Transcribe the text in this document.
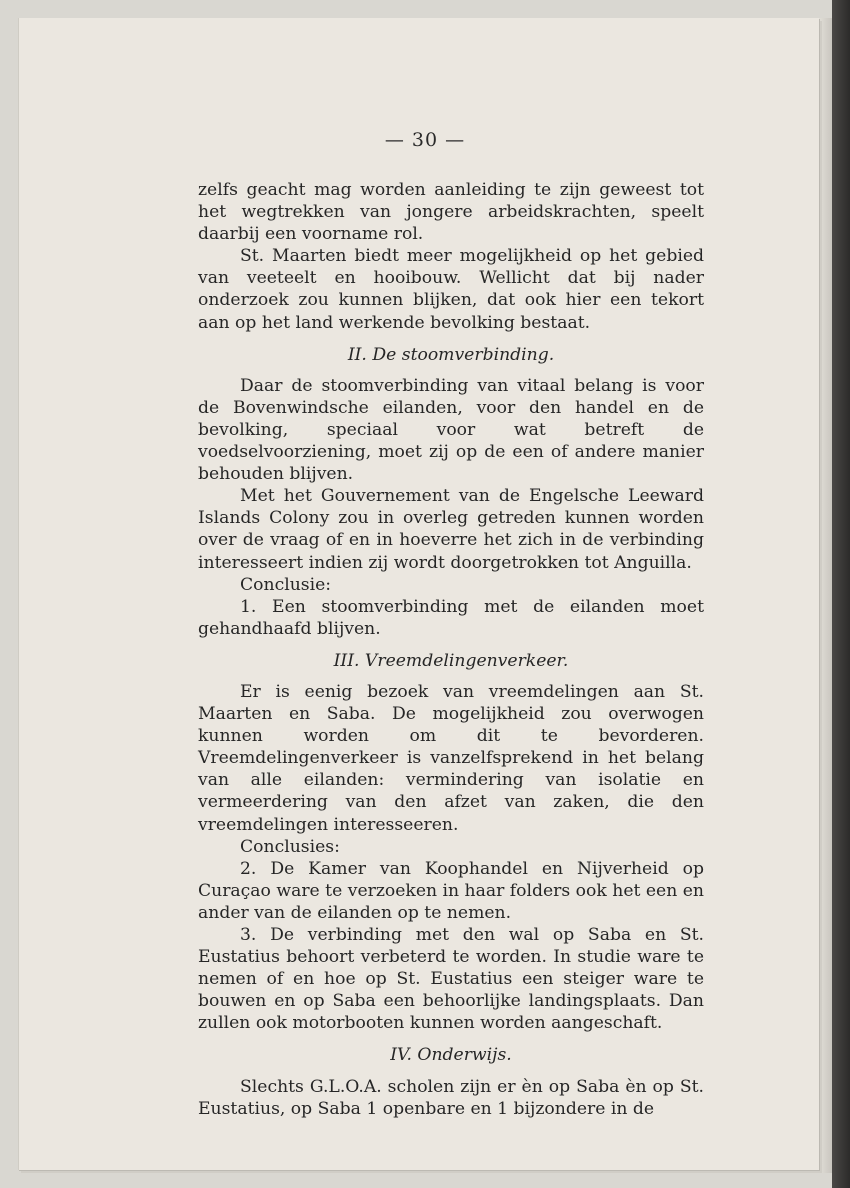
— 30 —

zelfs geacht mag worden aanleiding te zijn geweest tot het wegtrekken van jongere arbeidskrachten, speelt daarbij een voorname rol.

St. Maarten biedt meer mogelijkheid op het gebied van veeteelt en hooibouw. Wellicht dat bij nader onderzoek zou kunnen blijken, dat ook hier een tekort aan op het land werkende bevolking bestaat.

II. De stoomverbinding.

Daar de stoomverbinding van vitaal belang is voor de Bovenwindsche eilanden, voor den handel en de bevolking, speciaal voor wat betreft de voedselvoorziening, moet zij op de een of andere manier behouden blijven.

Met het Gouvernement van de Engelsche Leeward Islands Colony zou in overleg getreden kunnen worden over de vraag of en in hoeverre het zich in de verbinding interesseert indien zij wordt doorgetrokken tot Anguilla.

Conclusie:

1. Een stoomverbinding met de eilanden moet gehandhaafd blijven.

III. Vreemdelingenverkeer.

Er is eenig bezoek van vreemdelingen aan St. Maarten en Saba. De mogelijkheid zou overwogen kunnen worden om dit te bevorderen. Vreemdelingenverkeer is vanzelfsprekend in het belang van alle eilanden: vermindering van isolatie en vermeerdering van den afzet van zaken, die den vreemdelingen interesseeren.

Conclusies:

2. De Kamer van Koophandel en Nijverheid op Curaçao ware te verzoeken in haar folders ook het een en ander van de eilanden op te nemen.

3. De verbinding met den wal op Saba en St. Eustatius behoort verbeterd te worden. In studie ware te nemen of en hoe op St. Eustatius een steiger ware te bouwen en op Saba een behoorlijke landingsplaats. Dan zullen ook motorbooten kunnen worden aangeschaft.

IV. Onderwijs.

Slechts G.L.O.A. scholen zijn er èn op Saba èn op St. Eustatius, op Saba 1 openbare en 1 bijzondere in de
